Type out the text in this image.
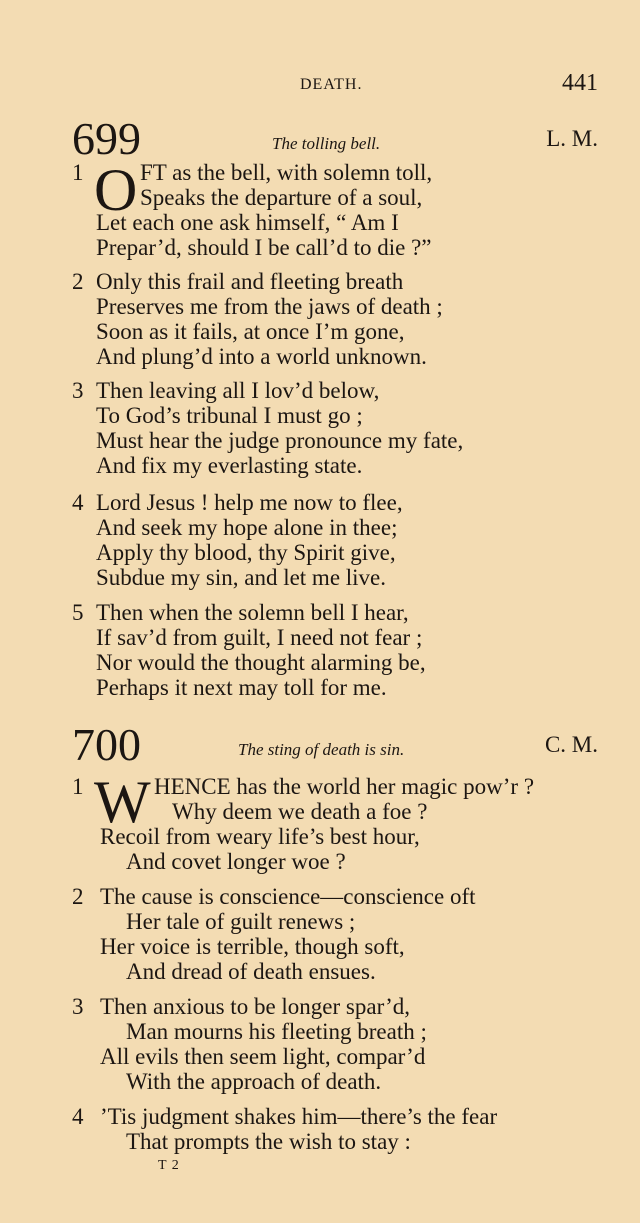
DEATH.	441
699	The tolling bell.	L. M.
1 O FT as the bell, with solemn toll,
Speaks the departure of a soul,
Let each one ask himself, “ Am I
Prepar’d, should I be call’d to die ?”
2 Only this frail and fleeting breath
Preserves me from the jaws of death ;
Soon as it fails, at once I’m gone,
And plung’d into a world unknown.
3 Then leaving all I lov’d below,
To God’s tribunal I must go ;
Must hear the judge pronounce my fate,
And fix my everlasting state.
4 Lord Jesus ! help me now to flee,
And seek my hope alone in thee;
Apply thy blood, thy Spirit give,
Subdue my sin, and let me live.
5 Then when the solemn bell I hear,
If sav’d from guilt, I need not fear ;
Nor would the thought alarming be,
Perhaps it next may toll for me.
700	The sting of death is sin.	C. M.
1 W HENCE has the world her magic pow’r ?
Why deem we death a foe ?
Recoil from weary life’s best hour,
And covet longer woe ?
2 The cause is conscience—conscience oft
Her tale of guilt renews ;
Her voice is terrible, though soft,
And dread of death ensues.
3 Then anxious to be longer spar’d,
Man mourns his fleeting breath ;
All evils then seem light, compar’d
With the approach of death.
4 ’Tis judgment shakes him—there’s the fear
That prompts the wish to stay :
T 2
